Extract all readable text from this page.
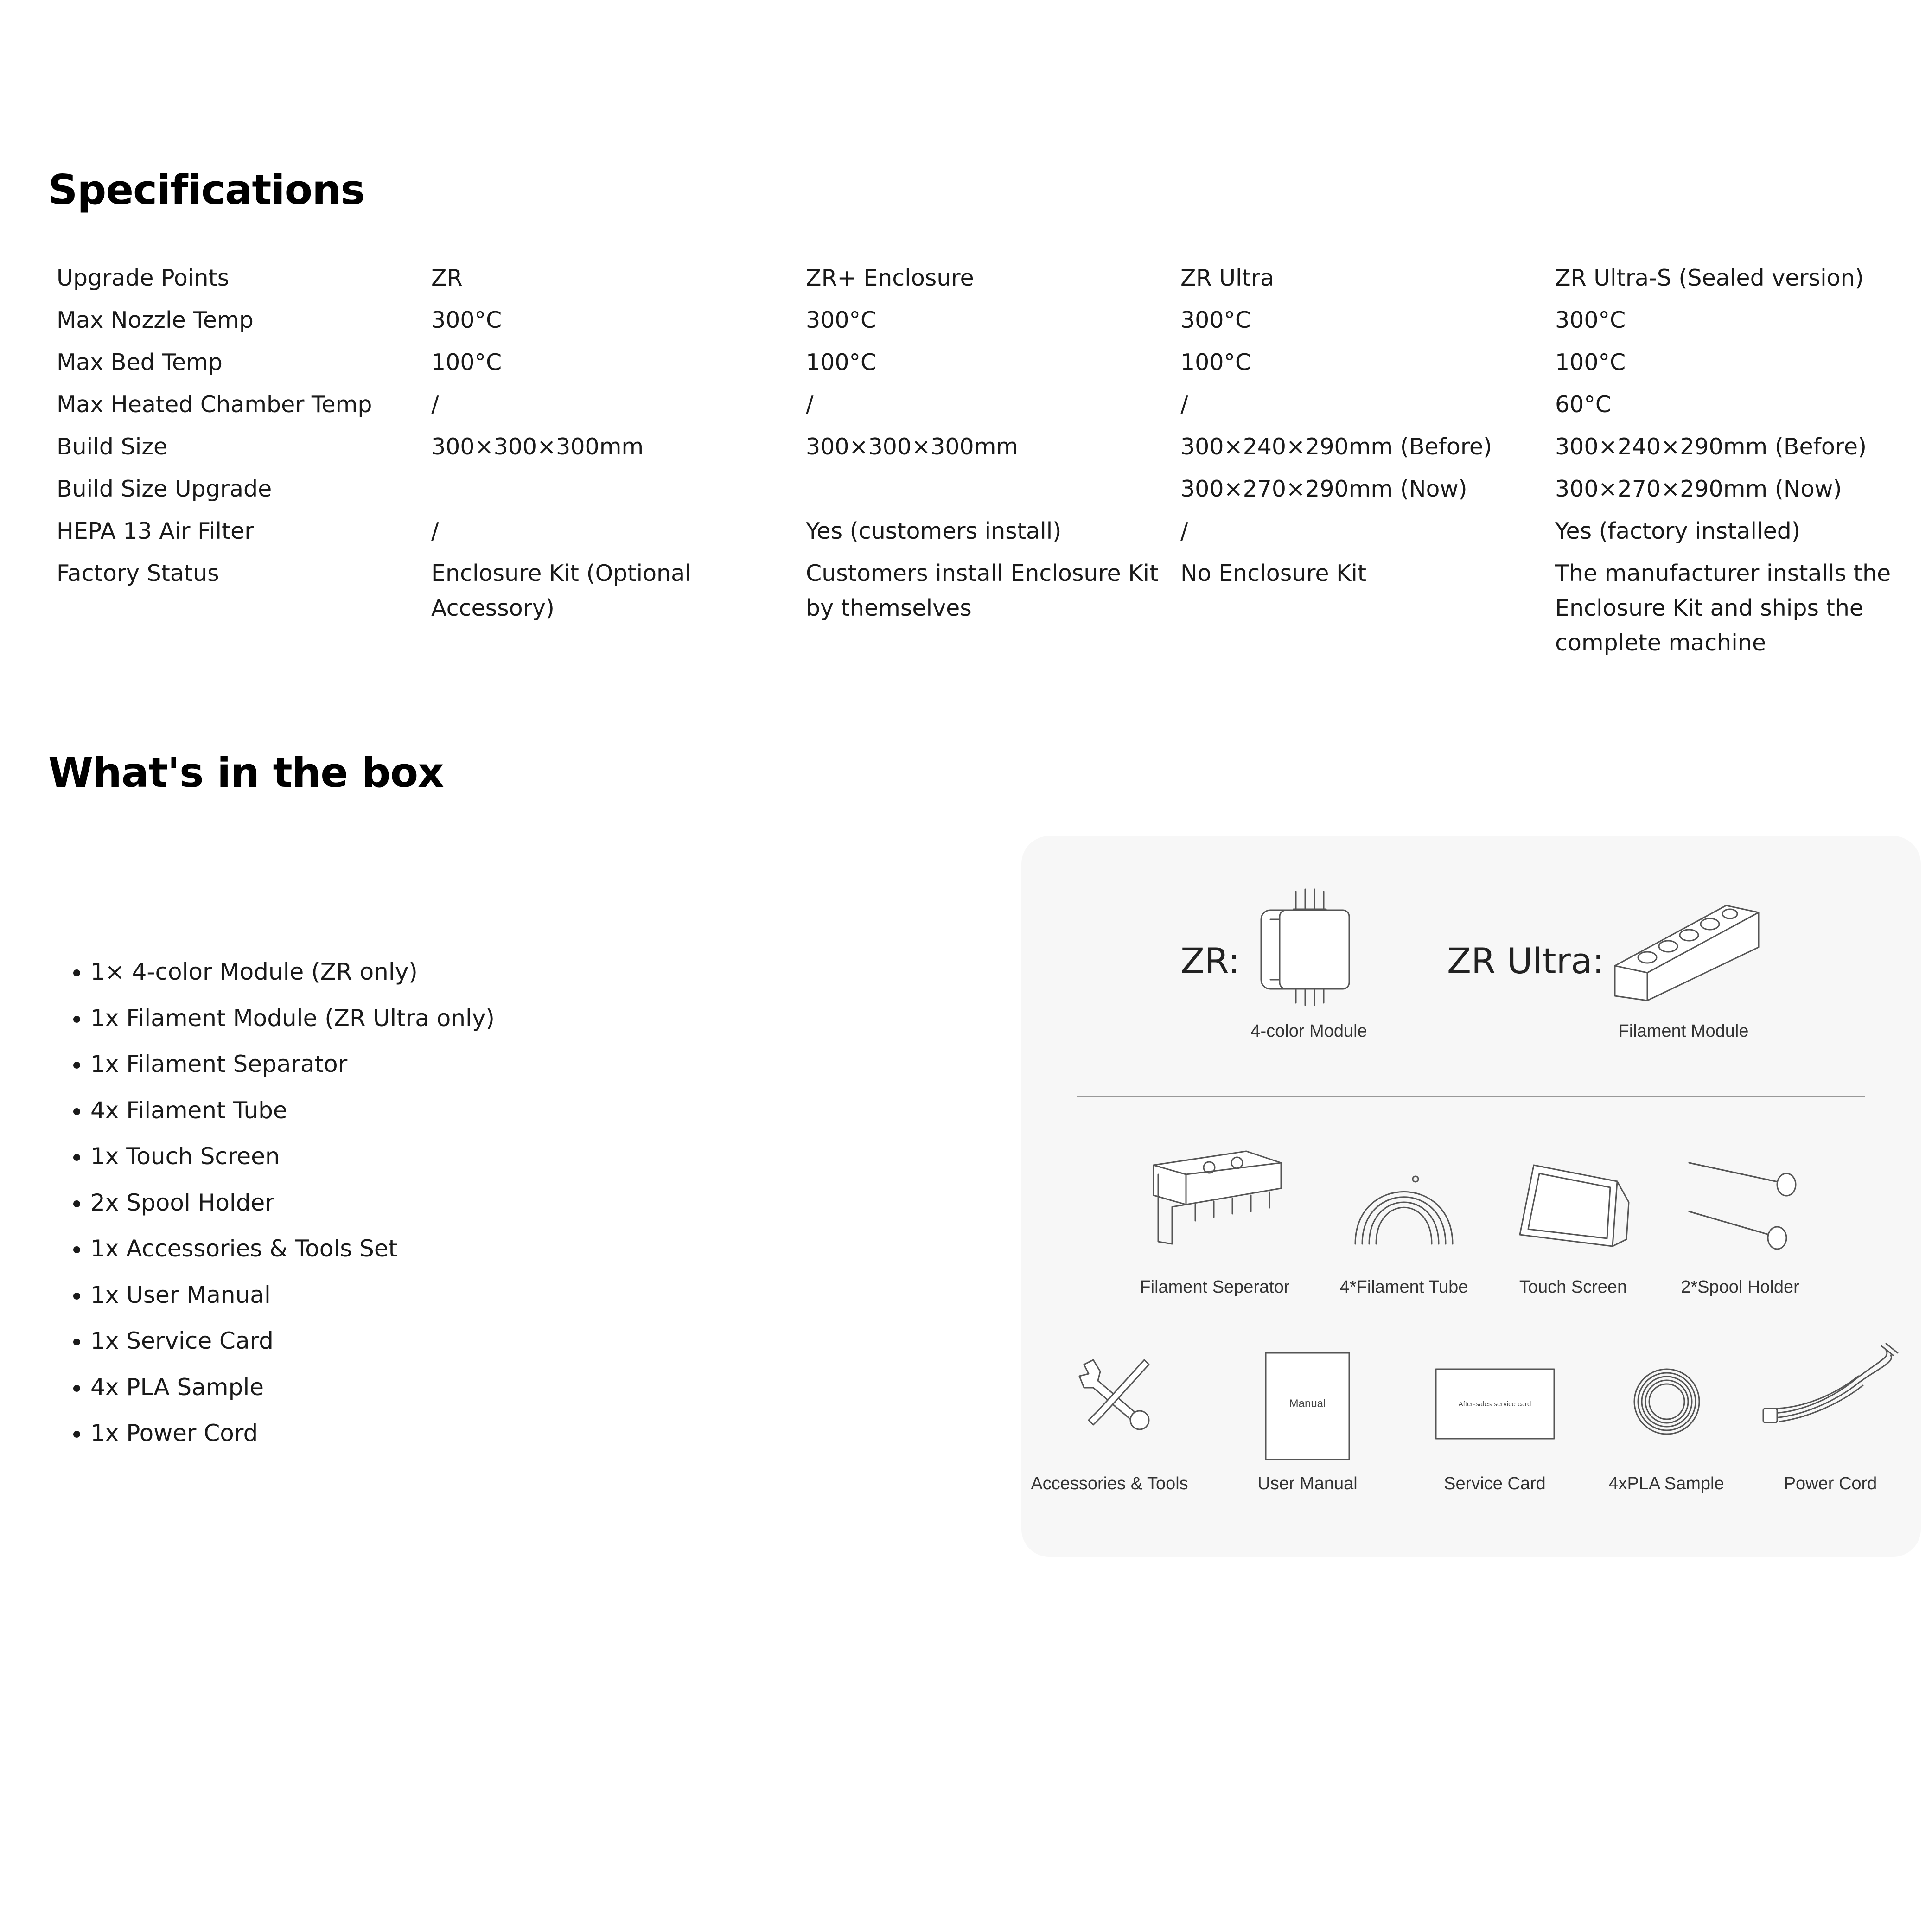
Specifications
Upgrade Points	ZR	ZR+ Enclosure	ZR Ultra	ZR Ultra-S (Sealed version)
Max Nozzle Temp	300°C	300°C	300°C	300°C
Max Bed Temp	100°C	100°C	100°C	100°C
Max Heated Chamber Temp	/	/	/	60°C
Build Size	300×300×300mm	300×300×300mm	300×240×290mm (Before)	300×240×290mm (Before)
Build Size Upgrade			300×270×290mm (Now)	300×270×290mm (Now)
HEPA 13 Air Filter	/	Yes (customers install)	/	Yes (factory installed)
Factory Status	Enclosure Kit (Optional Accessory)	Customers install Enclosure Kit by themselves	No Enclosure Kit	The manufacturer installs the Enclosure Kit and ships the complete machine
What's in the box
• 1× 4-color Module (ZR only)
• 1x Filament Module (ZR Ultra only)
• 1x Filament Separator
• 4x Filament Tube
• 1x Touch Screen
• 2x Spool Holder
• 1x Accessories & Tools Set
• 1x User Manual
• 1x Service Card
• 4x PLA Sample
• 1x Power Cord
ZR:
4-color Module
ZR Ultra:
Filament Module
Filament Seperator	4*Filament Tube	Touch Screen	2*Spool Holder
Accessories & Tools
Manual
User Manual
After-sales service card
Service Card	4xPLA Sample	Power Cord
